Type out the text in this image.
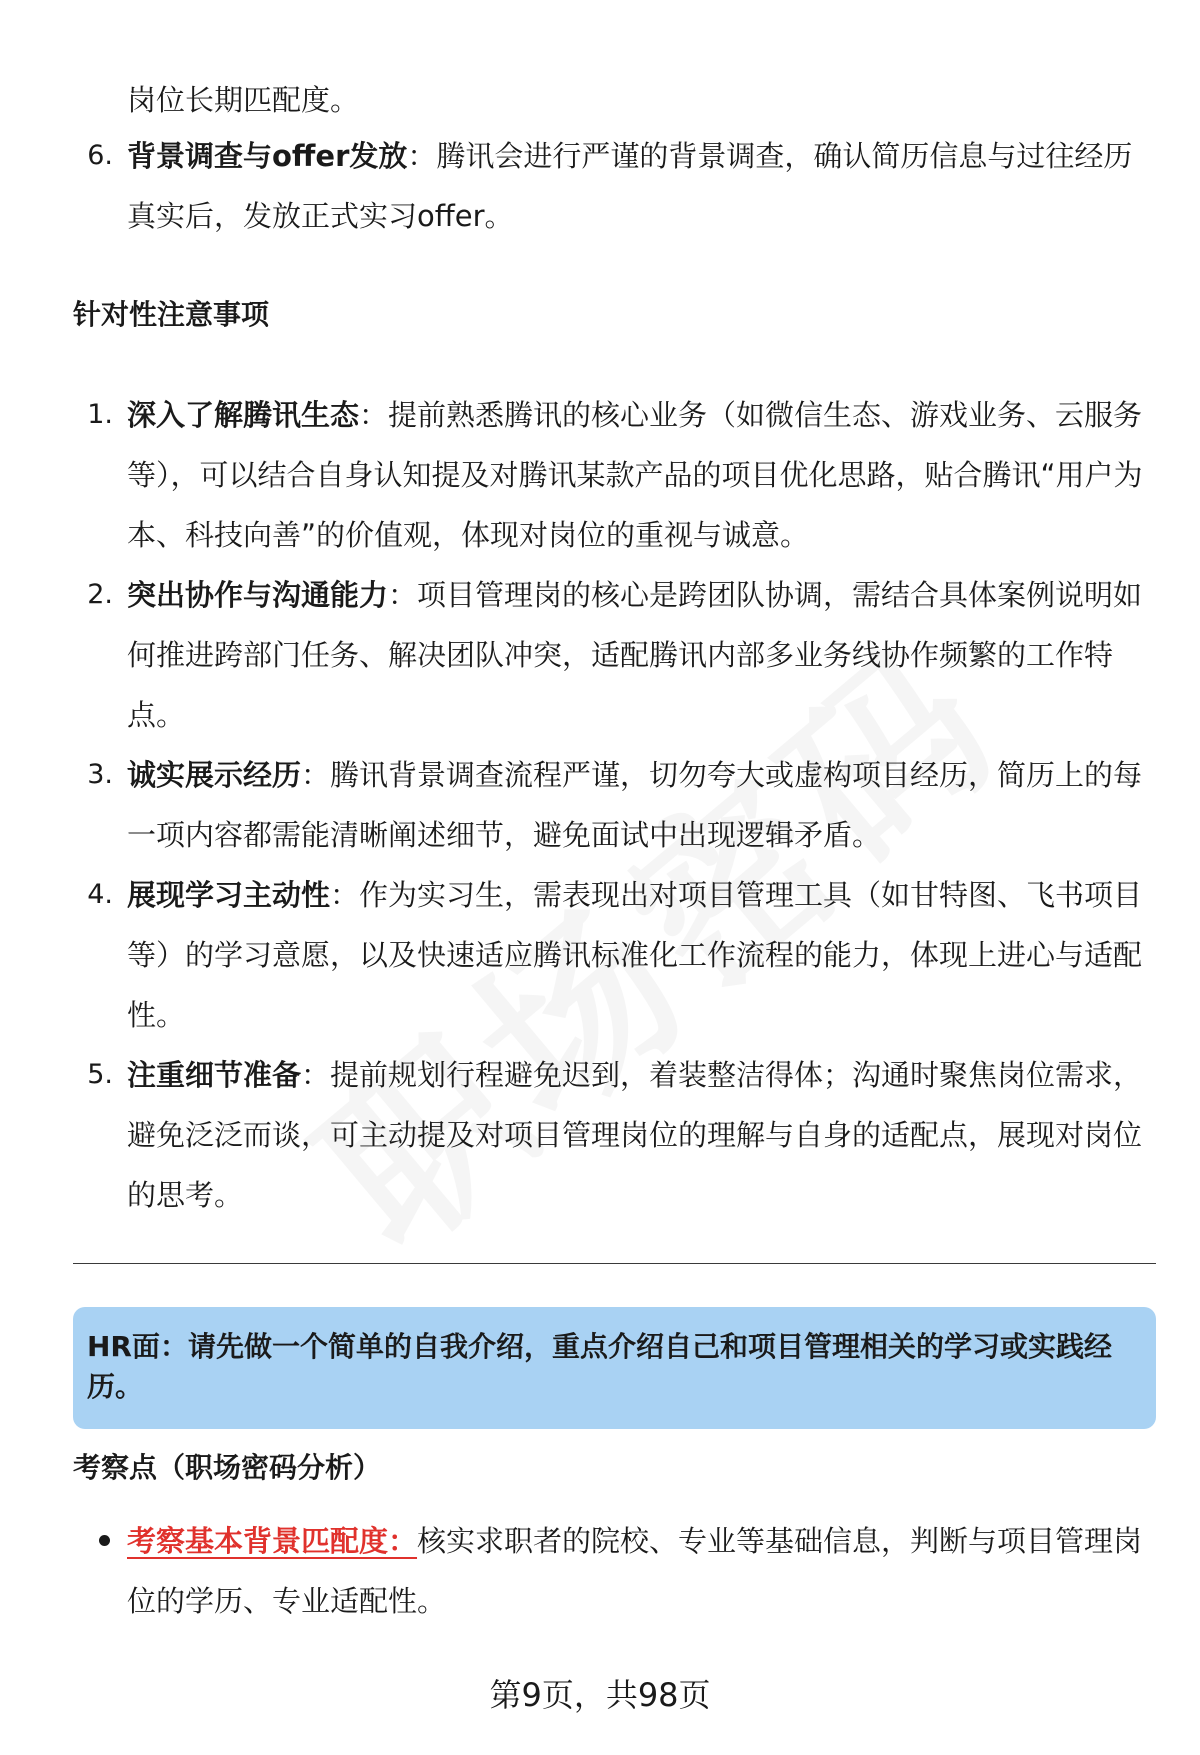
岗位长期匹配度。
6. 背景调查与offer发放：腾讯会进行严谨的背景调查，确认简历信息与过往经历真实后，发放正式实习offer。
针对性注意事项
1. 深入了解腾讯生态：提前熟悉腾讯的核心业务（如微信生态、游戏业务、云服务等），可以结合自身认知提及对腾讯某款产品的项目优化思路，贴合腾讯“用户为本、科技向善”的价值观，体现对岗位的重视与诚意。
2. 突出协作与沟通能力：项目管理岗的核心是跨团队协调，需结合具体案例说明如何推进跨部门任务、解决团队冲突，适配腾讯内部多业务线协作频繁的工作特点。
3. 诚实展示经历：腾讯背景调查流程严谨，切勿夸大或虚构项目经历，简历上的每一项内容都需能清晰阐述细节，避免面试中出现逻辑矛盾。
4. 展现学习主动性：作为实习生，需表现出对项目管理工具（如甘特图、飞书项目等）的学习意愿，以及快速适应腾讯标准化工作流程的能力，体现上进心与适配性。
5. 注重细节准备：提前规划行程避免迟到，着装整洁得体；沟通时聚焦岗位需求，避免泛泛而谈，可主动提及对项目管理岗位的理解与自身的适配点，展现对岗位的思考。
HR面：请先做一个简单的自我介绍，重点介绍自己和项目管理相关的学习或实践经历。
考察点（职场密码分析）
考察基本背景匹配度：核实求职者的院校、专业等基础信息，判断与项目管理岗位的学历、专业适配性。
第9页，共98页
